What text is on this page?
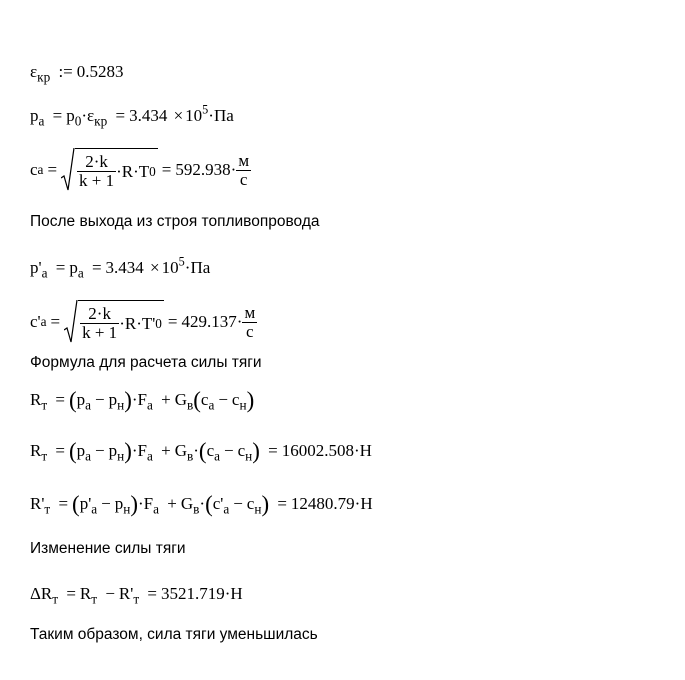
$\varepsilon_{кр}$ := 0.5283
$p_a = p_0\cdot\varepsilon_{кр} = 3.434 \times 10^5\cdot Па$
c $a = \frac{2\cdot k}{k + 1} \cdot R\cdot T$ $0 = 592.938 \cdot \frac{м}{с}$
После выхода из строя топливопровода
$p'_a = p_a = 3.434 \times 10^5\cdot Па$
c' $a = \frac{2\cdot k}{k + 1} \cdot R\cdot T'$ $0 = 429.137 \cdot \frac{м}{с}$
Формула для расчета силы тяги
$R_т = (p_a - p_н)\cdot F_a + G_в(c_a - c_н)$
$R_т = (p_a - p_н)\cdot F_a + G_в\cdot(c_a - c_н) = 16002.508\cdot Н$
$R'_т = (p'_a - p_н)\cdot F_a + G_в\cdot(c'_a - c_н) = 12480.79\cdot Н$
Изменение силы тяги
$\Delta R_т = R_т - R'_т = 3521.719\cdot Н$
Таким образом, сила тяги уменьшилась
